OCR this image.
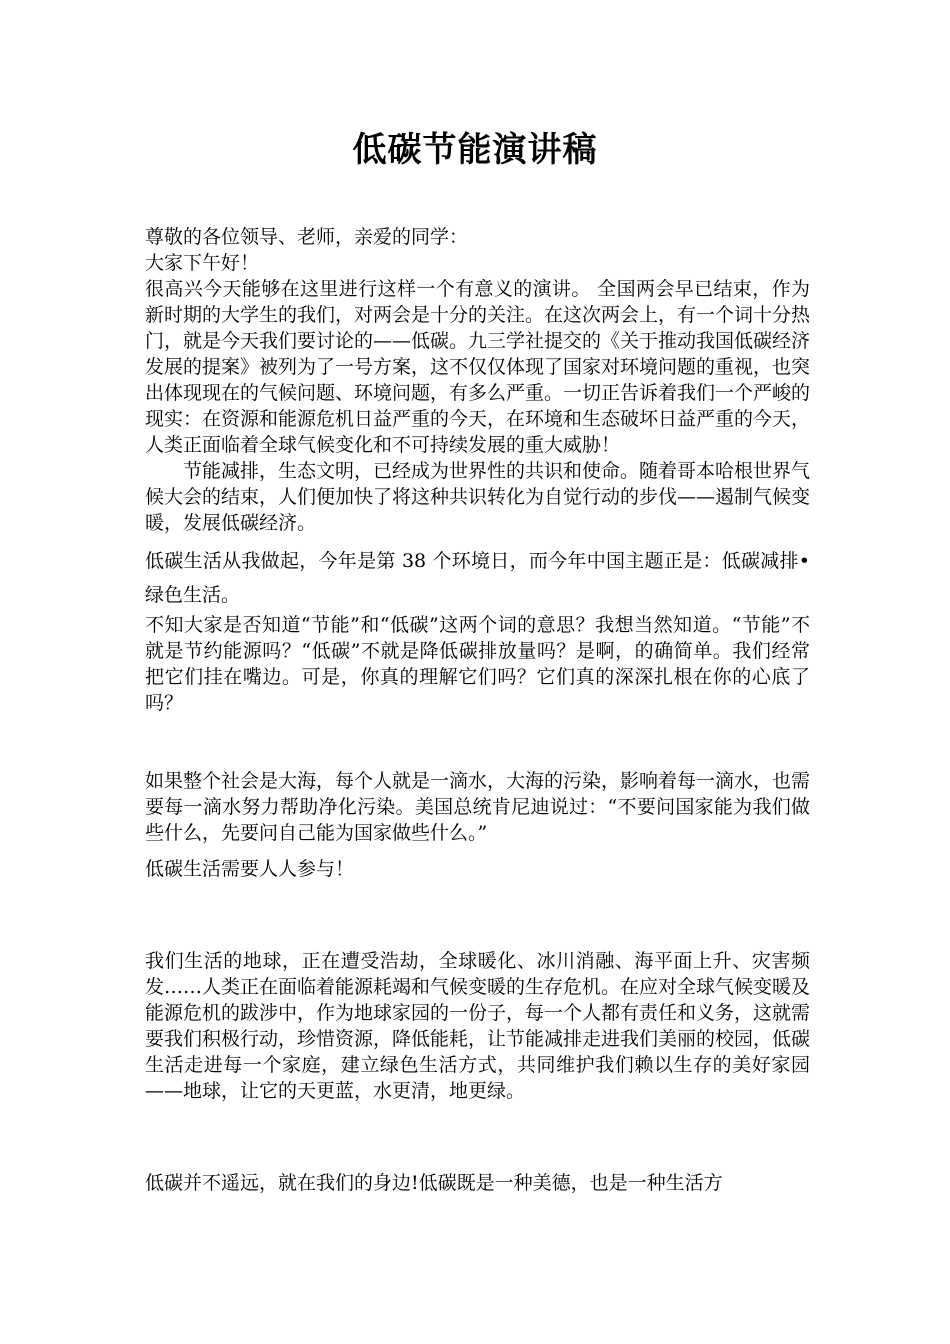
低碳节能演讲稿

尊敬的各位领导、老师，亲爱的同学：

大家下午好！

很高兴今天能够在这里进行这样一个有意义的演讲。 全国两会早已结束，作为新时期的大学生的我们，对两会是十分的关注。在这次两会上，有一个词十分热门，就是今天我们要讨论的——低碳。九三学社提交的《关于推动我国低碳经济发展的提案》被列为了一号方案，这不仅仅体现了国家对环境问题的重视，也突出体现现在的气候问题、环境问题，有多么严重。一切正告诉着我们一个严峻的现实：在资源和能源危机日益严重的今天，在环境和生态破坏日益严重的今天，人类正面临着全球气候变化和不可持续发展的重大威胁！

节能减排，生态文明，已经成为世界性的共识和使命。随着哥本哈根世界气候大会的结束，人们便加快了将这种共识转化为自觉行动的步伐——遏制气候变暖，发展低碳经济。

低碳生活从我做起，今年是第 38 个环境日，而今年中国主题正是：低碳减排•绿色生活。

不知大家是否知道“节能”和“低碳”这两个词的意思？我想当然知道。“节能”不就是节约能源吗？“低碳”不就是降低碳排放量吗？是啊，的确简单。我们经常把它们挂在嘴边。可是，你真的理解它们吗？它们真的深深扎根在你的心底了吗？

如果整个社会是大海，每个人就是一滴水，大海的污染，影响着每一滴水，也需要每一滴水努力帮助净化污染。美国总统肯尼迪说过：“不要问国家能为我们做些什么，先要问自己能为国家做些什么。”

低碳生活需要人人参与！

我们生活的地球，正在遭受浩劫，全球暖化、冰川消融、海平面上升、灾害频发……人类正在面临着能源耗竭和气候变暖的生存危机。在应对全球气候变暖及能源危机的跋涉中，作为地球家园的一份子，每一个人都有责任和义务，这就需要我们积极行动，珍惜资源，降低能耗，让节能减排走进我们美丽的校园，低碳生活走进每一个家庭，建立绿色生活方式，共同维护我们赖以生存的美好家园——地球，让它的天更蓝，水更清，地更绿。

低碳并不遥远，就在我们的身边!低碳既是一种美德，也是一种生活方
